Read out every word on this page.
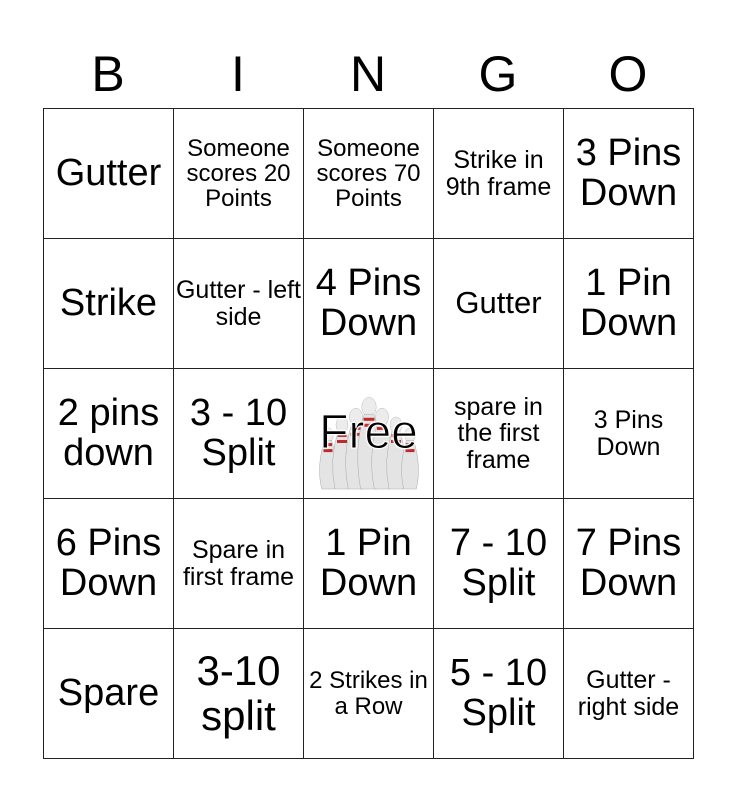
B	I	N	G	O
Gutter	Someone scores 20 Points	Someone scores 70 Points	Strike in 9th frame	3 Pins Down

Strike	Gutter - left side	4 Pins Down	Gutter	1 Pin Down

2 pins down	3 - 10 Split	Free	spare in the first frame	3 Pins Down

6 Pins Down	Spare in first frame	1 Pin Down	7 - 10 Split	7 Pins Down

Spare	3-10 split	2 Strikes in a Row	5 - 10 Split	Gutter - right side
